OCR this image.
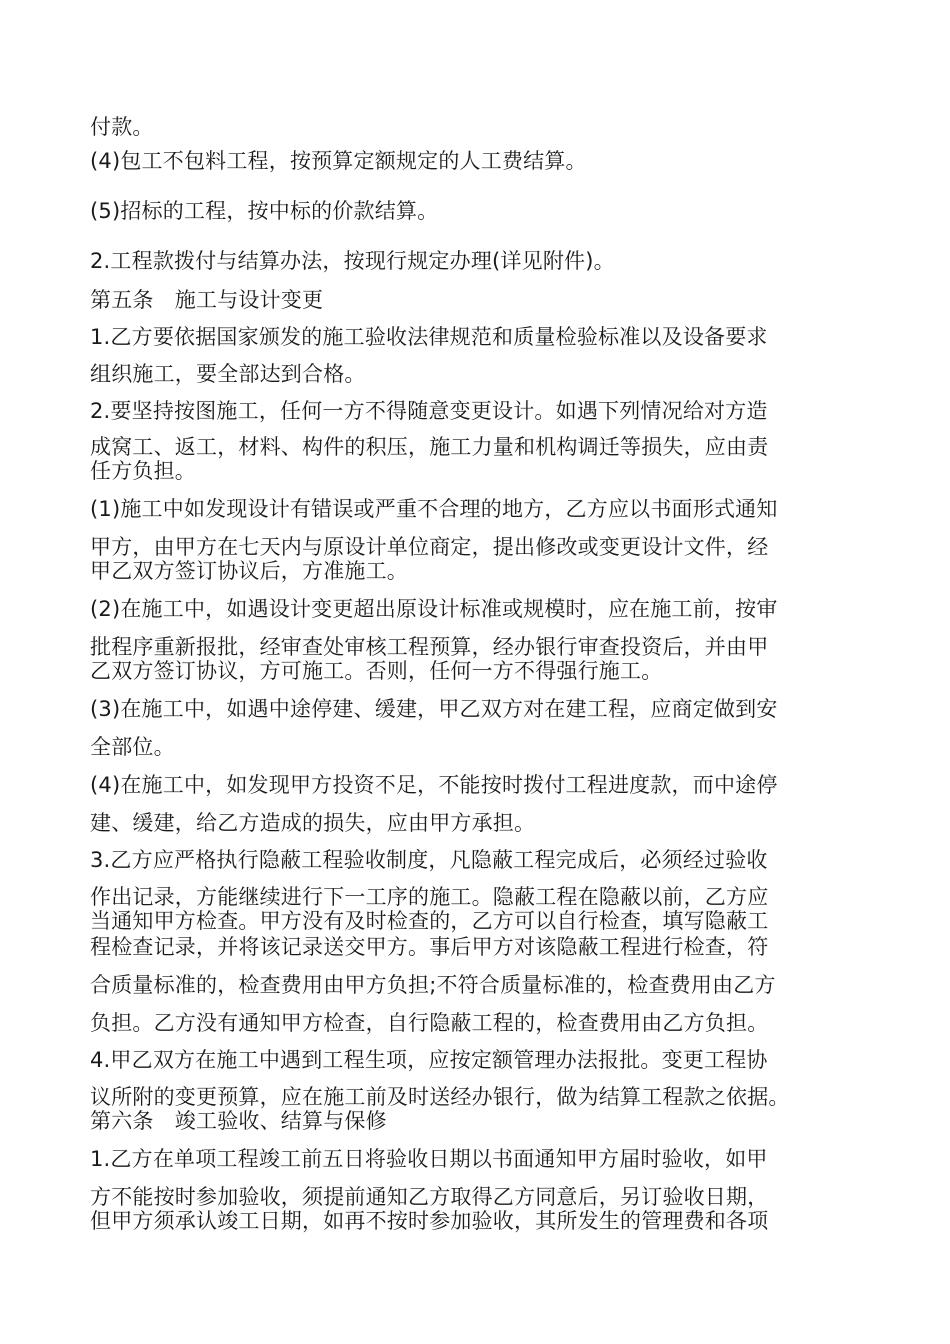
付款。
(4)包工不包料工程，按预算定额规定的人工费结算。
(5)招标的工程，按中标的价款结算。
2.工程款拨付与结算办法，按现行规定办理(详见附件)。
第五条　施工与设计变更
1.乙方要依据国家颁发的施工验收法律规范和质量检验标准以及设备要求
组织施工，要全部达到合格。
2.要坚持按图施工，任何一方不得随意变更设计。如遇下列情况给对方造
成窝工、返工，材料、构件的积压，施工力量和机构调迁等损失，应由责
任方负担。
(1)施工中如发现设计有错误或严重不合理的地方，乙方应以书面形式通知
甲方，由甲方在七天内与原设计单位商定，提出修改或变更设计文件，经
甲乙双方签订协议后，方准施工。
(2)在施工中，如遇设计变更超出原设计标准或规模时，应在施工前，按审
批程序重新报批，经审查处审核工程预算，经办银行审查投资后，并由甲
乙双方签订协议，方可施工。否则，任何一方不得强行施工。
(3)在施工中，如遇中途停建、缓建，甲乙双方对在建工程，应商定做到安
全部位。
(4)在施工中，如发现甲方投资不足，不能按时拨付工程进度款，而中途停
建、缓建，给乙方造成的损失，应由甲方承担。
3.乙方应严格执行隐蔽工程验收制度，凡隐蔽工程完成后，必须经过验收
作出记录，方能继续进行下一工序的施工。隐蔽工程在隐蔽以前，乙方应
当通知甲方检查。甲方没有及时检查的，乙方可以自行检查，填写隐蔽工
程检查记录，并将该记录送交甲方。事后甲方对该隐蔽工程进行检查，符
合质量标准的，检查费用由甲方负担;不符合质量标准的，检查费用由乙方
负担。乙方没有通知甲方检查，自行隐蔽工程的，检查费用由乙方负担。
4.甲乙双方在施工中遇到工程生项，应按定额管理办法报批。变更工程协
议所附的变更预算，应在施工前及时送经办银行，做为结算工程款之依据。
第六条　竣工验收、结算与保修
1.乙方在单项工程竣工前五日将验收日期以书面通知甲方届时验收，如甲
方不能按时参加验收，须提前通知乙方取得乙方同意后，另订验收日期，
但甲方须承认竣工日期，如再不按时参加验收，其所发生的管理费和各项
